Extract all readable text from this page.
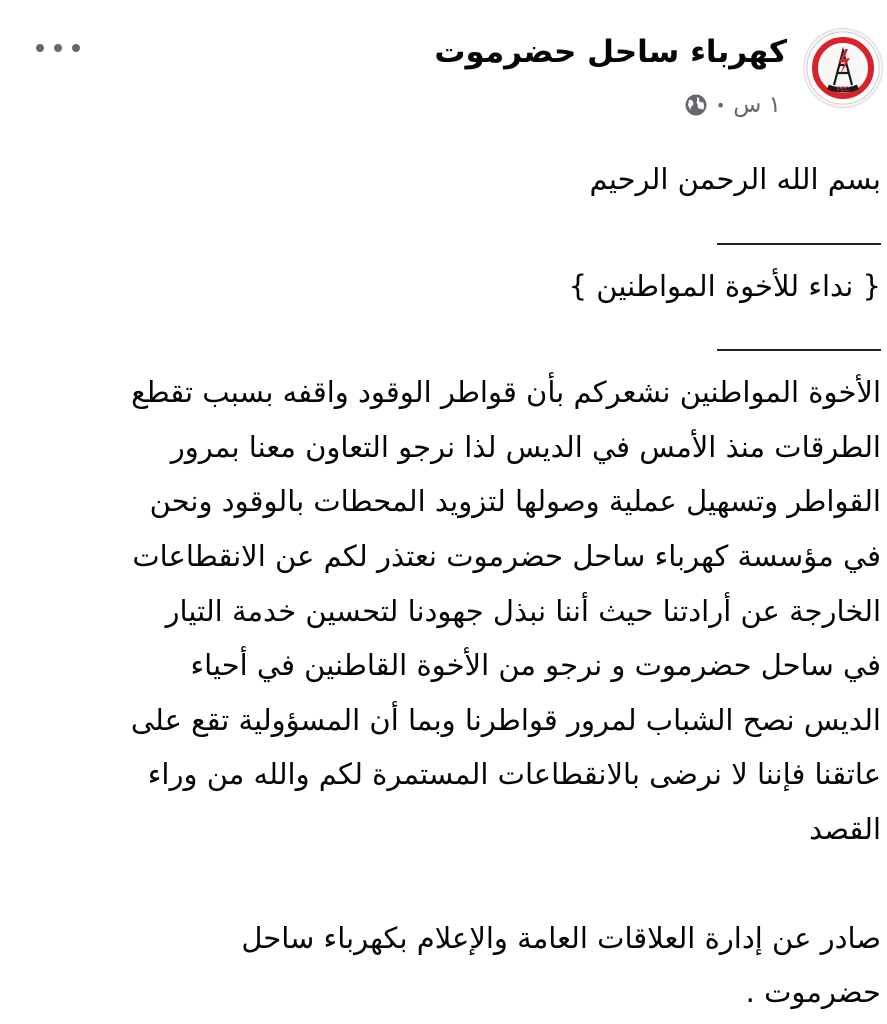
PEC
كهرباء ساحل حضرموت
١ س
•
بسم الله الرحمن الرحيم
{ نداء للأخوة المواطنين }
الأخوة المواطنين نشعركم بأن قواطر الوقود واقفه بسبب تقطع
الطرقات منذ الأمس في الديس لذا نرجو التعاون معنا بمرور
القواطر وتسهيل عملية وصولها لتزويد المحطات بالوقود ونحن
في مؤسسة كهرباء ساحل حضرموت نعتذر لكم عن الانقطاعات
الخارجة عن أرادتنا حيث أننا نبذل جهودنا لتحسين خدمة التيار
في ساحل حضرموت و نرجو من الأخوة القاطنين في أحياء
الديس نصح الشباب لمرور قواطرنا وبما أن المسؤولية تقع على
عاتقنا فإننا لا نرضى بالانقطاعات المستمرة لكم والله من وراء
القصد
صادر عن إدارة العلاقات العامة والإعلام بكهرباء ساحل
حضرموت .
